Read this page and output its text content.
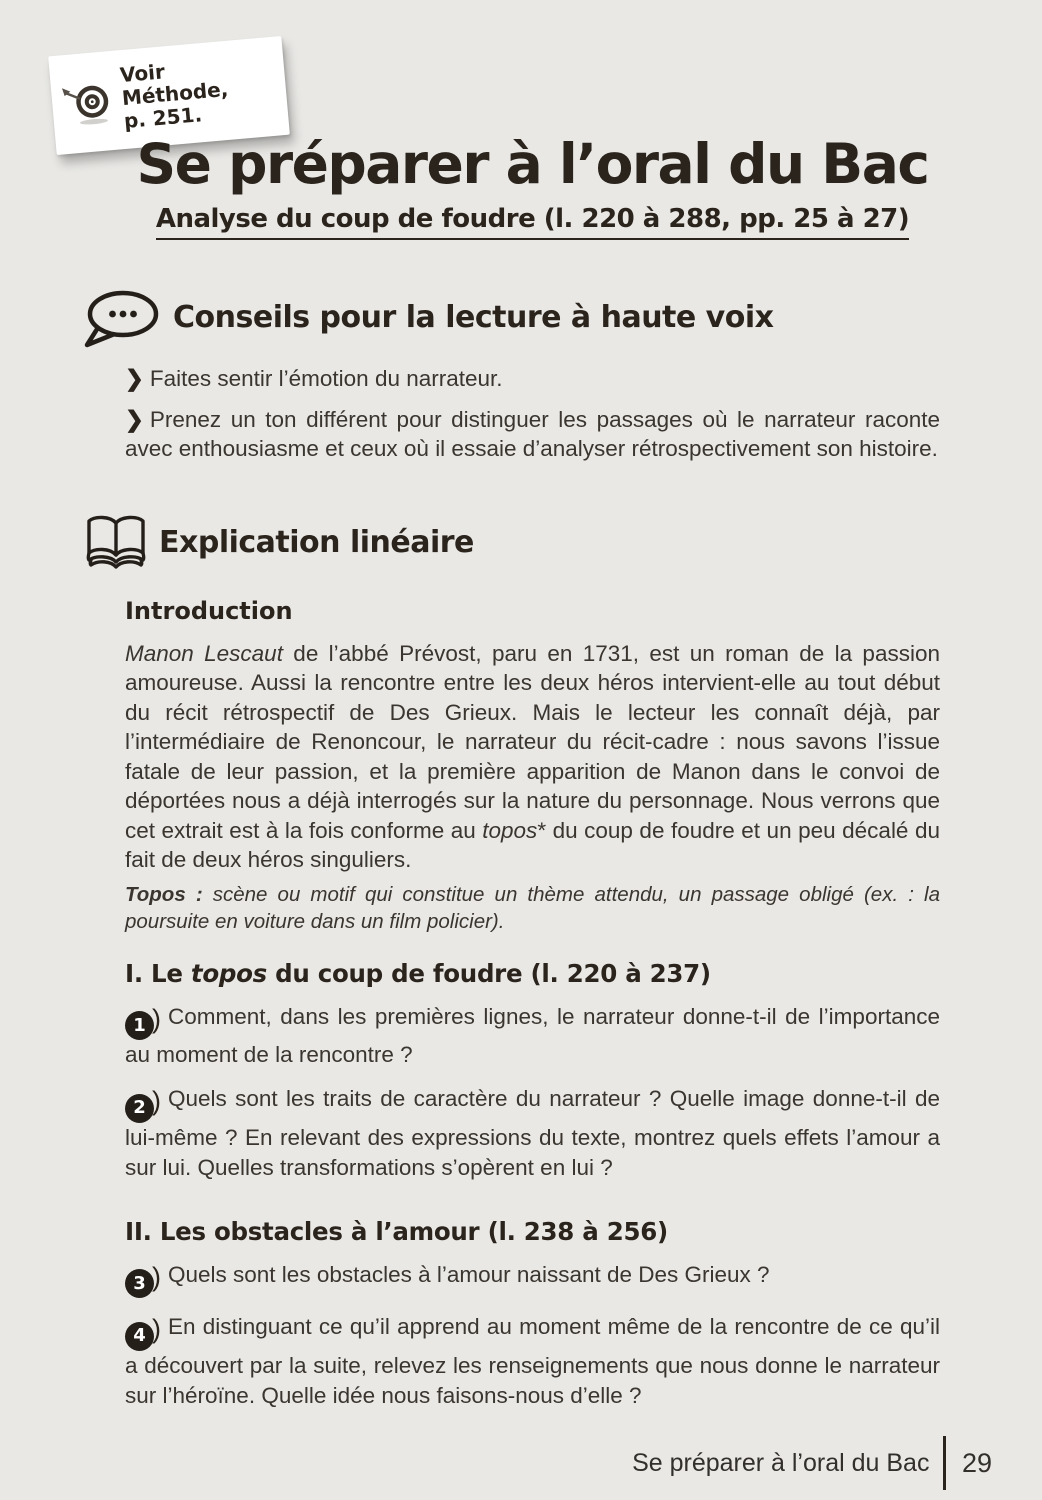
Voir Méthode,
p. 251.
Se préparer à l’oral du Bac
Analyse du coup de foudre (l. 220 à 288, pp. 25 à 27)
Conseils pour la lecture à haute voix

❯ Faites sentir l’émotion du narrateur.

❯ Prenez un ton différent pour distinguer les passages où le narrateur raconte avec enthousiasme et ceux où il essaie d’analyser rétrospectivement son histoire.

Explication linéaire
Introduction

Manon Lescaut de l’abbé Prévost, paru en 1731, est un roman de la passion amoureuse. Aussi la rencontre entre les deux héros intervient-elle au tout début du récit rétrospectif de Des Grieux. Mais le lecteur les connaît déjà, par l’intermédiaire de Renoncour, le narrateur du récit-cadre : nous savons l’issue fatale de leur passion, et la première apparition de Manon dans le convoi de déportées nous a déjà interrogés sur la nature du personnage. Nous verrons que cet extrait est à la fois conforme au topos* du coup de foudre et un peu décalé du fait de deux héros singuliers.

Topos : scène ou motif qui constitue un thème attendu, un passage obligé (ex. : la poursuite en voiture dans un film policier).

I. Le topos du coup de foudre (l. 220 à 237)

1 ) Comment, dans les premières lignes, le narrateur donne-t-il de l’importance au moment de la rencontre ?

2 ) Quels sont les traits de caractère du narrateur ? Quelle image donne-t-il de lui-même ? En relevant des expressions du texte, montrez quels effets l’amour a sur lui. Quelles transformations s’opèrent en lui ?

II. Les obstacles à l’amour (l. 238 à 256)

3 ) Quels sont les obstacles à l’amour naissant de Des Grieux ?

4 ) En distinguant ce qu’il apprend au moment même de la rencontre de ce qu’il a découvert par la suite, relevez les renseignements que nous donne le narrateur sur l’héroïne. Quelle idée nous faisons-nous d’elle ?

Se préparer à l’oral du Bac 29
